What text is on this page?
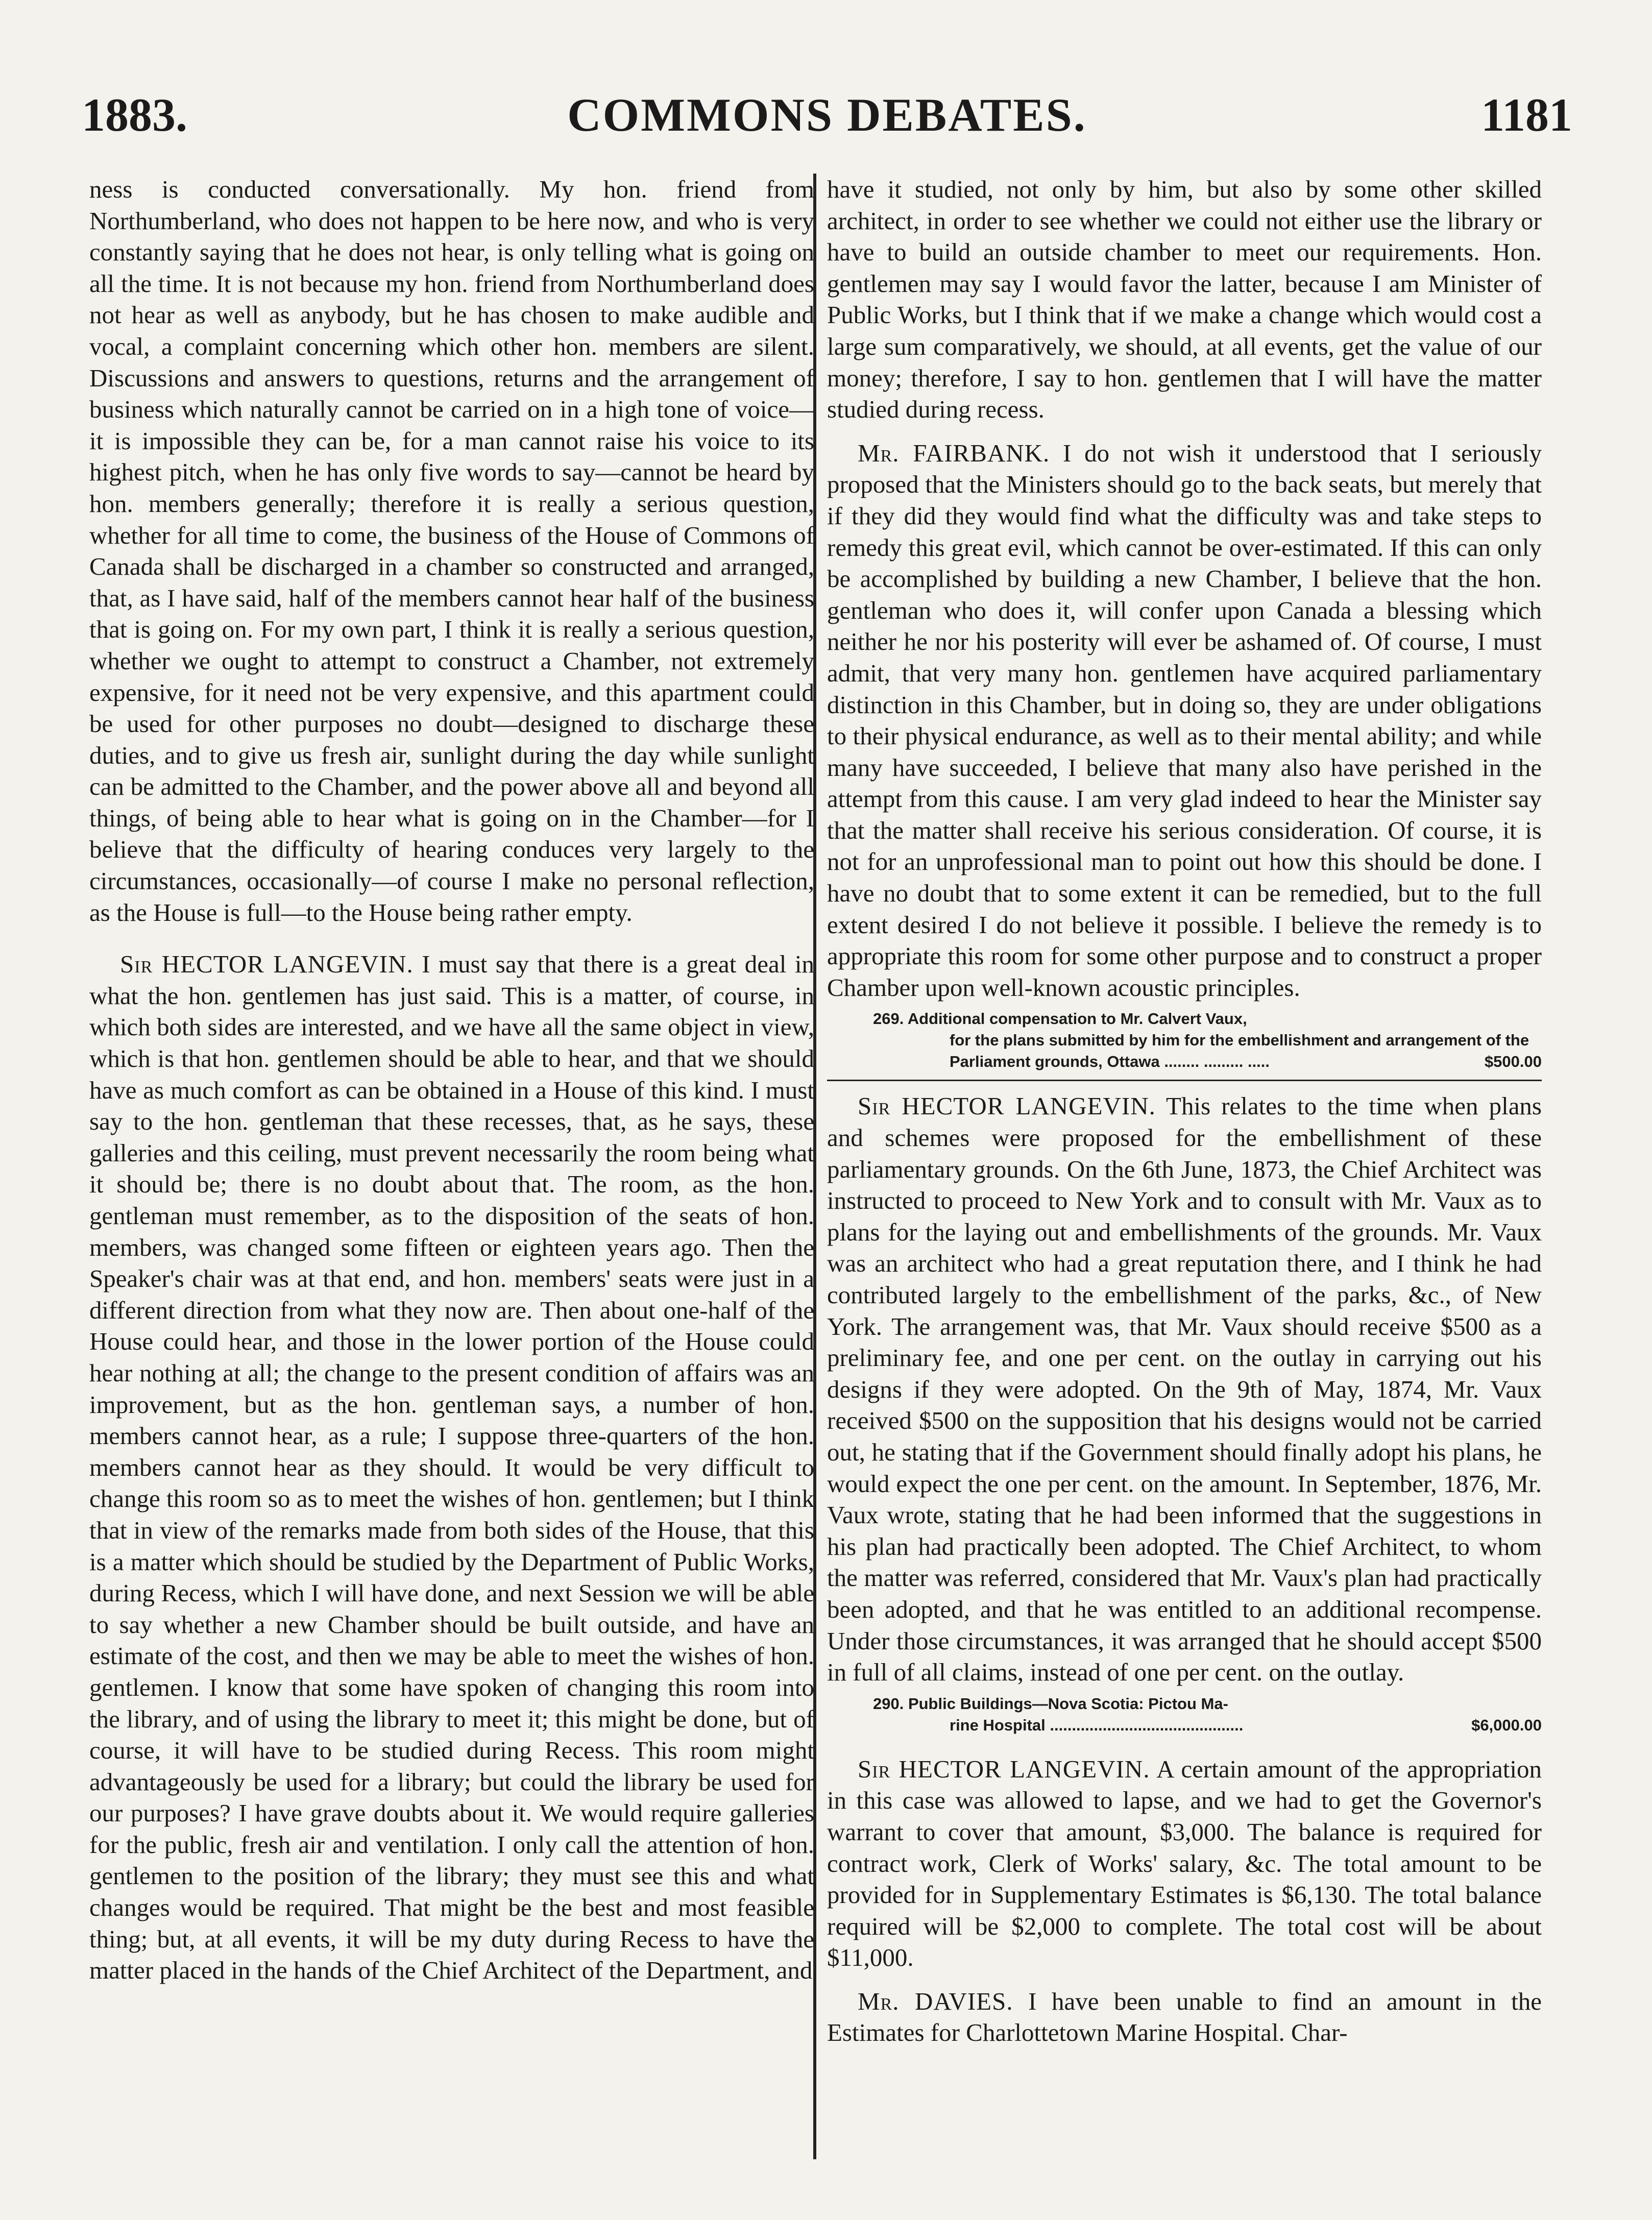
1883.	COMMONS DEBATES.	1181

ness is conducted conversationally. My hon. friend from Northumberland, who does not happen to be here now, and who is very constantly saying that he does not hear, is only telling what is going on all the time. It is not because my hon. friend from Northumberland does not hear as well as anybody, but he has chosen to make audible and vocal, a complaint concerning which other hon. members are silent. Discussions and answers to questions, returns and the arrangement of business which naturally cannot be carried on in a high tone of voice—it is impossible they can be, for a man cannot raise his voice to its highest pitch, when he has only five words to say—cannot be heard by hon. members generally; therefore it is really a serious question, whether for all time to come, the business of the House of Commons of Canada shall be discharged in a chamber so constructed and arranged, that, as I have said, half of the members cannot hear half of the business that is going on. For my own part, I think it is really a serious question, whether we ought to attempt to construct a Chamber, not extremely expensive, for it need not be very expensive, and this apartment could be used for other purposes no doubt—designed to discharge these duties, and to give us fresh air, sunlight during the day while sunlight can be admitted to the Chamber, and the power above all and beyond all things, of being able to hear what is going on in the Chamber—for I believe that the difficulty of hearing conduces very largely to the circumstances, occasionally—of course I make no personal reflection, as the House is full—to the House being rather empty.

Sir HECTOR LANGEVIN. I must say that there is a great deal in what the hon. gentlemen has just said. This is a matter, of course, in which both sides are interested, and we have all the same object in view, which is that hon. gentlemen should be able to hear, and that we should have as much comfort as can be obtained in a House of this kind. I must say to the hon. gentleman that these recesses, that, as he says, these galleries and this ceiling, must prevent necessarily the room being what it should be; there is no doubt about that. The room, as the hon. gentleman must remember, as to the disposition of the seats of hon. members, was changed some fifteen or eighteen years ago. Then the Speaker's chair was at that end, and hon. members' seats were just in a different direction from what they now are. Then about one-half of the House could hear, and those in the lower portion of the House could hear nothing at all; the change to the present condition of affairs was an improvement, but as the hon. gentleman says, a number of hon. members cannot hear, as a rule; I suppose three-quarters of the hon. members cannot hear as they should. It would be very difficult to change this room so as to meet the wishes of hon. gentlemen; but I think that in view of the remarks made from both sides of the House, that this is a matter which should be studied by the Department of Public Works, during Recess, which I will have done, and next Session we will be able to say whether a new Chamber should be built outside, and have an estimate of the cost, and then we may be able to meet the wishes of hon. gentlemen. I know that some have spoken of changing this room into the library, and of using the library to meet it; this might be done, but of course, it will have to be studied during Recess. This room might advantageously be used for a library; but could the library be used for our purposes? I have grave doubts about it. We would require galleries for the public, fresh air and ventilation. I only call the attention of hon. gentlemen to the position of the library; they must see this and what changes would be required. That might be the best and most feasible thing; but, at all events, it will be my duty during Recess to have the matter placed in the hands of the Chief Architect of the Department, and

have it studied, not only by him, but also by some other skilled architect, in order to see whether we could not either use the library or have to build an outside chamber to meet our requirements. Hon. gentlemen may say I would favor the latter, because I am Minister of Public Works, but I think that if we make a change which would cost a large sum comparatively, we should, at all events, get the value of our money; therefore, I say to hon. gentlemen that I will have the matter studied during recess.

Mr. FAIRBANK. I do not wish it understood that I seriously proposed that the Ministers should go to the back seats, but merely that if they did they would find what the difficulty was and take steps to remedy this great evil, which cannot be over-estimated. If this can only be accomplished by building a new Chamber, I believe that the hon. gentleman who does it, will confer upon Canada a blessing which neither he nor his posterity will ever be ashamed of. Of course, I must admit, that very many hon. gentlemen have acquired parliamentary distinction in this Chamber, but in doing so, they are under obligations to their physical endurance, as well as to their mental ability; and while many have succeeded, I believe that many also have perished in the attempt from this cause. I am very glad indeed to hear the Minister say that the matter shall receive his serious consideration. Of course, it is not for an unprofessional man to point out how this should be done. I have no doubt that to some extent it can be remedied, but to the full extent desired I do not believe it possible. I believe the remedy is to appropriate this room for some other purpose and to construct a proper Chamber upon well-known acoustic principles.

269. Additional compensation to Mr. Calvert Vaux,
for the plans submitted by him for the embellishment and arrangement of the Parliament grounds, Ottawa ........ ......... .....	$500.00

Sir HECTOR LANGEVIN. This relates to the time when plans and schemes were proposed for the embellishment of these parliamentary grounds. On the 6th June, 1873, the Chief Architect was instructed to proceed to New York and to consult with Mr. Vaux as to plans for the laying out and embellishments of the grounds. Mr. Vaux was an architect who had a great reputation there, and I think he had contributed largely to the embellishment of the parks, &c., of New York. The arrangement was, that Mr. Vaux should receive $500 as a preliminary fee, and one per cent. on the outlay in carrying out his designs if they were adopted. On the 9th of May, 1874, Mr. Vaux received $500 on the supposition that his designs would not be carried out, he stating that if the Government should finally adopt his plans, he would expect the one per cent. on the amount. In September, 1876, Mr. Vaux wrote, stating that he had been informed that the suggestions in his plan had practically been adopted. The Chief Architect, to whom the matter was referred, considered that Mr. Vaux's plan had practically been adopted, and that he was entitled to an additional recompense. Under those circumstances, it was arranged that he should accept $500 in full of all claims, instead of one per cent. on the outlay.

290. Public Buildings—Nova Scotia: Pictou Ma-
rine Hospital ............................................	$6,000.00

Sir HECTOR LANGEVIN. A certain amount of the appropriation in this case was allowed to lapse, and we had to get the Governor's warrant to cover that amount, $3,000. The balance is required for contract work, Clerk of Works' salary, &c. The total amount to be provided for in Supplementary Estimates is $6,130. The total balance required will be $2,000 to complete. The total cost will be about $11,000.

Mr. DAVIES. I have been unable to find an amount in the Estimates for Charlottetown Marine Hospital. Char-
